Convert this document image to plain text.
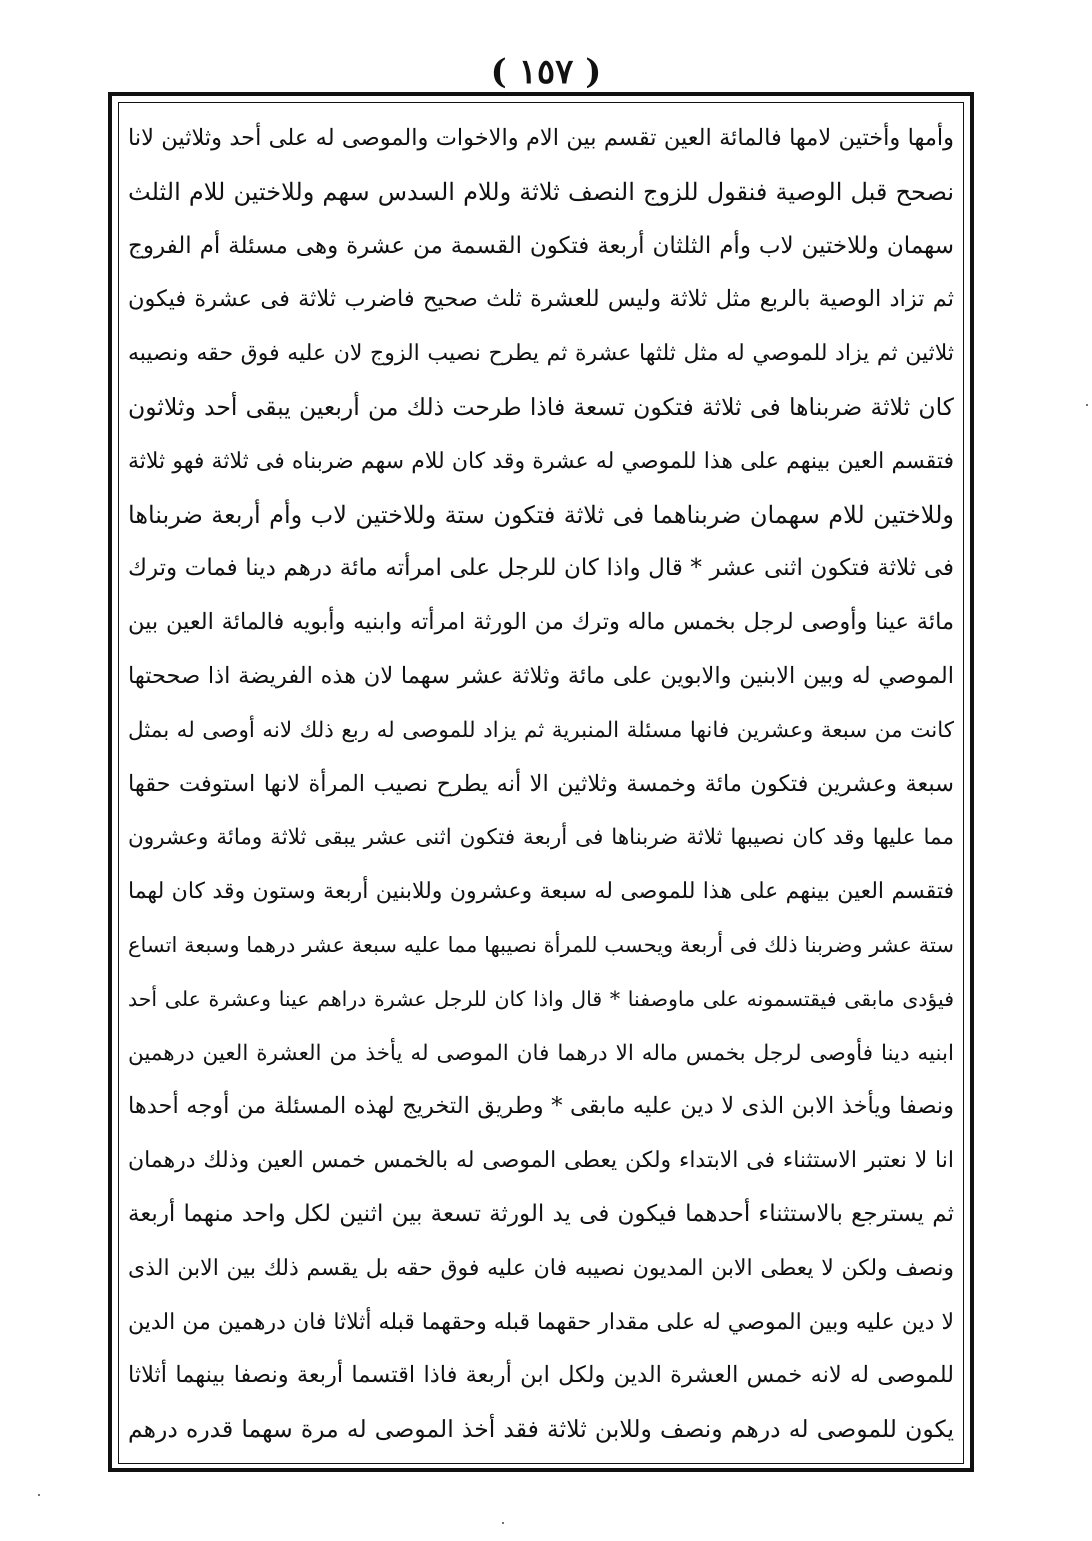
( ١٥٧ )
وأمها وأختين لامها فالمائة العين تقسم بين الام والاخوات والموصى له على أحد وثلاثين لانا
نصحح قبل الوصية فنقول للزوج النصف ثلاثة وللام السدس سهم وللاختين للام الثلث
سهمان وللاختين لاب وأم الثلثان أربعة فتكون القسمة من عشرة وهى مسئلة أم الفروج
ثم تزاد الوصية بالربع مثل ثلاثة وليس للعشرة ثلث صحيح فاضرب ثلاثة فى عشرة فيكون
ثلاثين ثم يزاد للموصي له مثل ثلثها عشرة ثم يطرح نصيب الزوج لان عليه فوق حقه ونصيبه
كان ثلاثة ضربناها فى ثلاثة فتكون تسعة فاذا طرحت ذلك من أربعين يبقى أحد وثلاثون
فتقسم العين بينهم على هذا للموصي له عشرة وقد كان للام سهم ضربناه فى ثلاثة فهو ثلاثة
وللاختين للام سهمان ضربناهما فى ثلاثة فتكون ستة وللاختين لاب وأم أربعة ضربناها
فى ثلاثة فتكون اثنى عشر * قال واذا كان للرجل على امرأته مائة درهم دينا فمات وترك
مائة عينا وأوصى لرجل بخمس ماله وترك من الورثة امرأته وابنيه وأبويه فالمائة العين بين
الموصي له وبين الابنين والابوين على مائة وثلاثة عشر سهما لان هذه الفريضة اذا صححتها
كانت من سبعة وعشرين فانها مسئلة المنبرية ثم يزاد للموصى له ربع ذلك لانه أوصى له بمثل
سبعة وعشرين فتكون مائة وخمسة وثلاثين الا أنه يطرح نصيب المرأة لانها استوفت حقها
مما عليها وقد كان نصيبها ثلاثة ضربناها فى أربعة فتكون اثنى عشر يبقى ثلاثة ومائة وعشرون
فتقسم العين بينهم على هذا للموصى له سبعة وعشرون وللابنين أربعة وستون وقد كان لهما
ستة عشر وضربنا ذلك فى أربعة ويحسب للمرأة نصيبها مما عليه سبعة عشر درهما وسبعة اتساع
فيؤدى مابقى فيقتسمونه على ماوصفنا * قال واذا كان للرجل عشرة دراهم عينا وعشرة على أحد
ابنيه دينا فأوصى لرجل بخمس ماله الا درهما فان الموصى له يأخذ من العشرة العين درهمين
ونصفا ويأخذ الابن الذى لا دين عليه مابقى * وطريق التخريج لهذه المسئلة من أوجه أحدها
انا لا نعتبر الاستثناء فى الابتداء ولكن يعطى الموصى له بالخمس خمس العين وذلك درهمان
ثم يسترجع بالاستثناء أحدهما فيكون فى يد الورثة تسعة بين اثنين لكل واحد منهما أربعة
ونصف ولكن لا يعطى الابن المديون نصيبه فان عليه فوق حقه بل يقسم ذلك بين الابن الذى
لا دين عليه وبين الموصي له على مقدار حقهما قبله وحقهما قبله أثلاثا فان درهمين من الدين
للموصى له لانه خمس العشرة الدين ولكل ابن أربعة فاذا اقتسما أربعة ونصفا بينهما أثلاثا
يكون للموصى له درهم ونصف وللابن ثلاثة فقد أخذ الموصى له مرة سهما قدره درهم
